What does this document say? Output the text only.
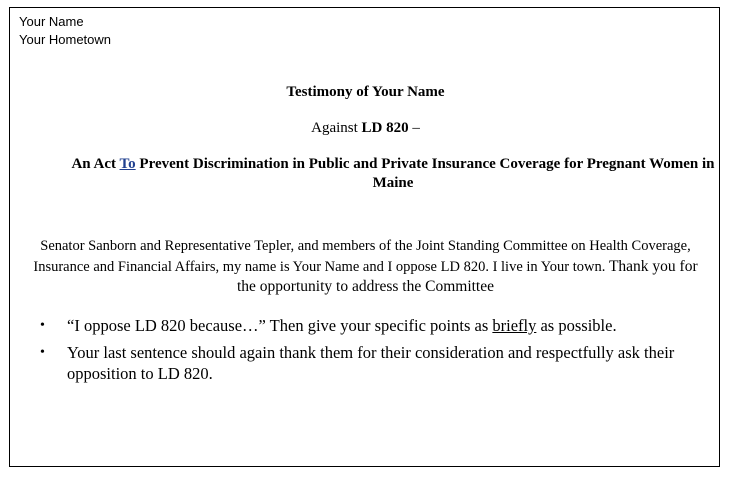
Your Name
Your Hometown
Testimony of Your Name
Against LD 820 –
An Act To Prevent Discrimination in Public and Private Insurance Coverage for Pregnant Women in Maine
Senator Sanborn and Representative Tepler, and members of the Joint Standing Committee on Health Coverage, Insurance and Financial Affairs, my name is Your Name and I oppose LD 820. I live in Your town. Thank you for the opportunity to address the Committee
• “I oppose LD 820 because…” Then give your specific points as briefly as possible.
• Your last sentence should again thank them for their consideration and respectfully ask their opposition to LD 820.
